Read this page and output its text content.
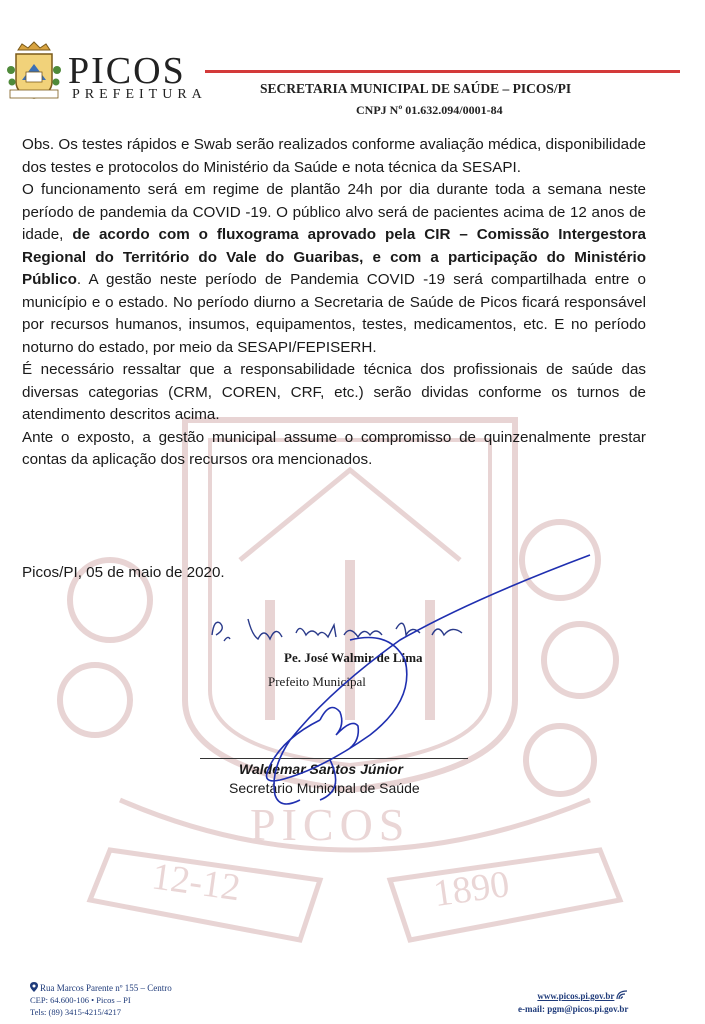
PICOS
12-12	1890
PICOS
PREFEITURA	SECRETARIA MUNICIPAL DE SAÚDE – PICOS/PI
CNPJ Nº 01.632.094/0001-84

Obs. Os testes rápidos e Swab serão realizados conforme avaliação médica, disponibilidade dos testes e protocolos do Ministério da Saúde e nota técnica da SESAPI.

O funcionamento será em regime de plantão 24h por dia durante toda a semana neste período de pandemia da COVID -19. O público alvo será de pacientes acima de 12 anos de idade, de acordo com o fluxograma aprovado pela CIR – Comissão Intergestora Regional do Território do Vale do Guaribas, e com a participação do Ministério Público. A gestão neste período de Pandemia COVID -19 será compartilhada entre o município e o estado. No período diurno a Secretaria de Saúde de Picos ficará responsável por recursos humanos, insumos, equipamentos, testes, medicamentos, etc. E no período noturno do estado, por meio da SESAPI/FEPISERH.

É necessário ressaltar que a responsabilidade técnica dos profissionais de saúde das diversas categorias (CRM, COREN, CRF, etc.) serão dividas conforme os turnos de atendimento descritos acima.

Ante o exposto, a gestão municipal assume o compromisso de quinzenalmente prestar contas da aplicação dos recursos ora mencionados.

Picos/PI, 05 de maio de 2020.
Pe. José Walmir de Lima
Prefeito Municipal
Waldemar Santos Júnior
Secretário Municipal de Saúde
Rua Marcos Parente nº 155 – Centro
CEP: 64.600-106 • Picos – PI
Tels: (89) 3415-4215/4217
www.picos.pi.gov.br
e-mail: pgm@picos.pi.gov.br
